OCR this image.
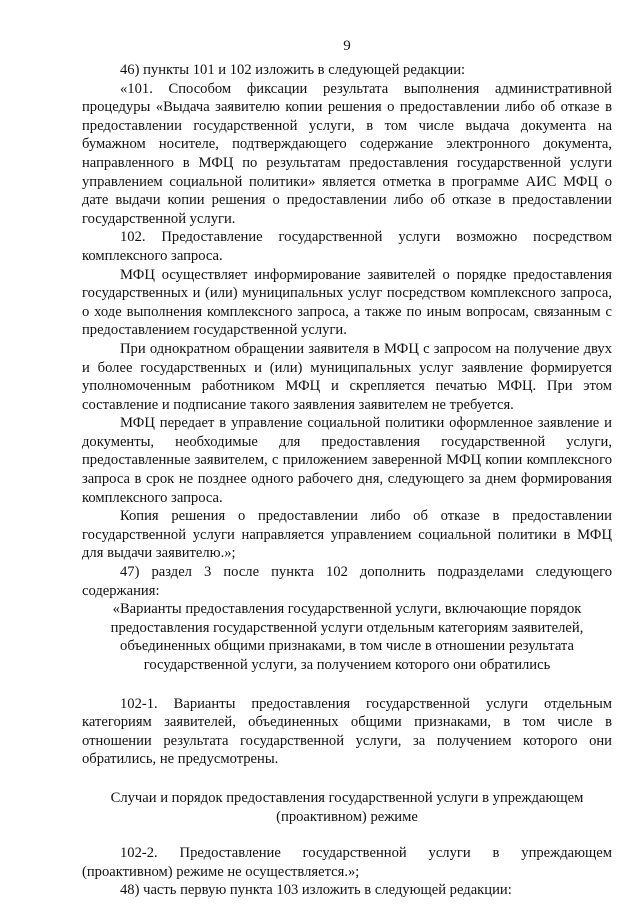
9

46) пункты 101 и 102 изложить в следующей редакции:

«101. Способом фиксации результата выполнения административной процедуры «Выдача заявителю копии решения о предоставлении либо об отказе в предоставлении государственной услуги, в том числе выдача документа на бумажном носителе, подтверждающего содержание электронного документа, направленного в МФЦ по результатам предоставления государственной услуги управлением социальной политики» является отметка в программе АИС МФЦ о дате выдачи копии решения о предоставлении либо об отказе в предоставлении государственной услуги.

102. Предоставление государственной услуги возможно посредством комплексного запроса.

МФЦ осуществляет информирование заявителей о порядке предоставления государственных и (или) муниципальных услуг посредством комплексного запроса, о ходе выполнения комплексного запроса, а также по иным вопросам, связанным с предоставлением государственной услуги.

При однократном обращении заявителя в МФЦ с запросом на получение двух и более государственных и (или) муниципальных услуг заявление формируется уполномоченным работником МФЦ и скрепляется печатью МФЦ. При этом составление и подписание такого заявления заявителем не требуется.

МФЦ передает в управление социальной политики оформленное заявление и документы, необходимые для предоставления государственной услуги, предоставленные заявителем, с приложением заверенной МФЦ копии комплексного запроса в срок не позднее одного рабочего дня, следующего за днем формирования комплексного запроса.

Копия решения о предоставлении либо об отказе в предоставлении государственной услуги направляется управлением социальной политики в МФЦ для выдачи заявителю.»;

47) раздел 3 после пункта 102 дополнить подразделами следующего содержания:

«Варианты предоставления государственной услуги, включающие порядок предоставления государственной услуги отдельным категориям заявителей, объединенных общими признаками, в том числе в отношении результата государственной услуги, за получением которого они обратились

102-1. Варианты предоставления государственной услуги отдельным категориям заявителей, объединенных общими признаками, в том числе в отношении результата государственной услуги, за получением которого они обратились, не предусмотрены.

Случаи и порядок предоставления государственной услуги в упреждающем (проактивном) режиме

102-2. Предоставление государственной услуги в упреждающем (проактивном) режиме не осуществляется.»;

48) часть первую пункта 103 изложить в следующей редакции:
